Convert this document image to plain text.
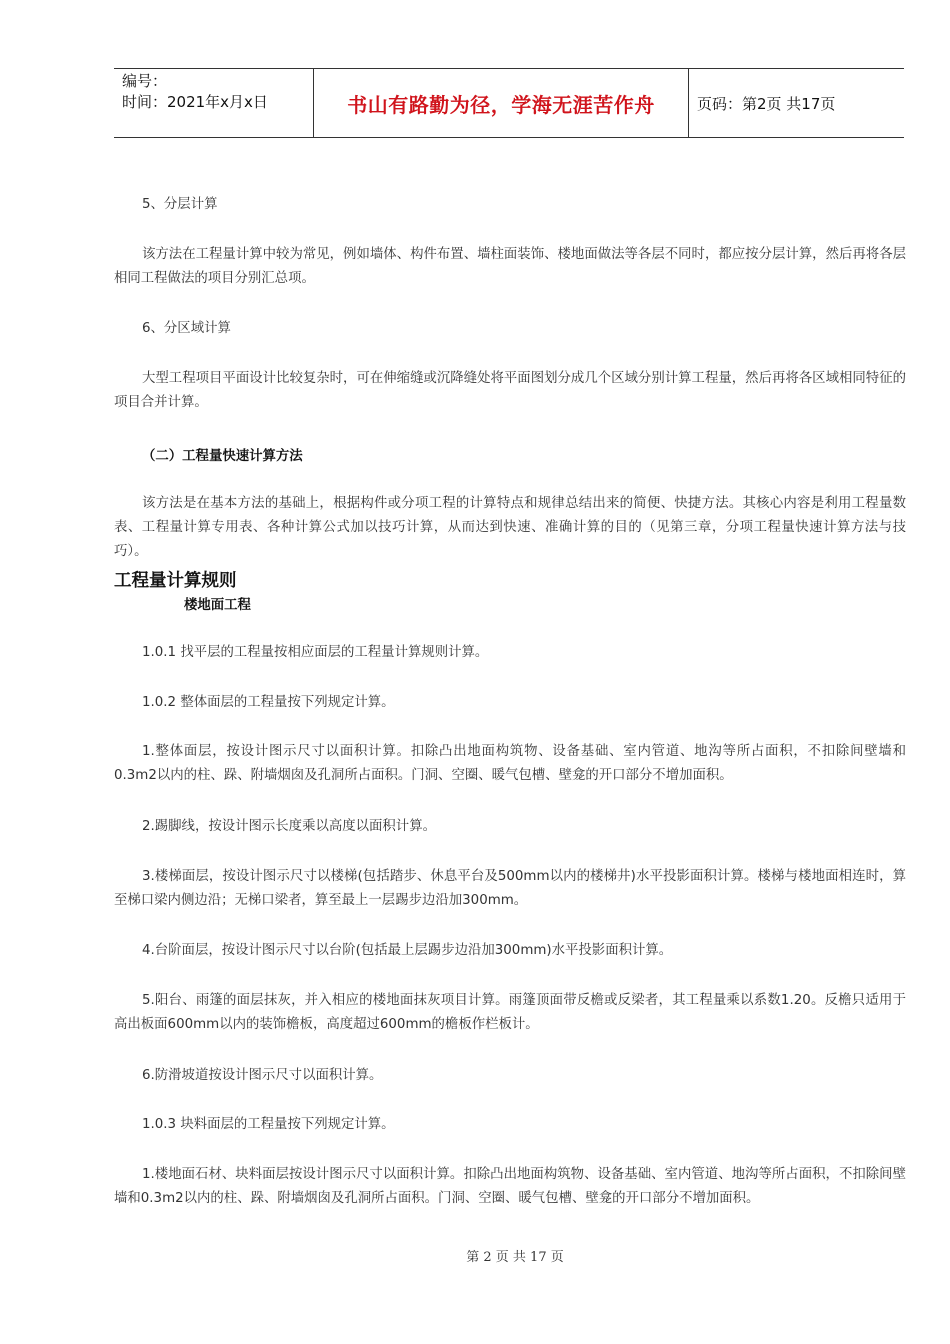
编号：
时间：2021年x月x日	书山有路勤为径，学海无涯苦作舟	页码：第2页 共17页
5、分层计算
该方法在工程量计算中较为常见，例如墙体、构件布置、墙柱面装饰、楼地面做法等各层不同时，都应按分层计算，然后再将各层相同工程做法的项目分别汇总项。
6、分区域计算
大型工程项目平面设计比较复杂时，可在伸缩缝或沉降缝处将平面图划分成几个区域分别计算工程量，然后再将各区域相同特征的项目合并计算。
（二）工程量快速计算方法
该方法是在基本方法的基础上，根据构件或分项工程的计算特点和规律总结出来的简便、快捷方法。其核心内容是利用工程量数表、工程量计算专用表、各种计算公式加以技巧计算，从而达到快速、准确计算的目的（见第三章，分项工程量快速计算方法与技巧）。
工程量计算规则
楼地面工程
1.0.1 找平层的工程量按相应面层的工程量计算规则计算。
1.0.2 整体面层的工程量按下列规定计算。
1.整体面层，按设计图示尺寸以面积计算。扣除凸出地面构筑物、设备基础、室内管道、地沟等所占面积，不扣除间壁墙和0.3m2以内的柱、跺、附墙烟囱及孔洞所占面积。门洞、空圈、暖气包槽、壁龛的开口部分不增加面积。
2.踢脚线，按设计图示长度乘以高度以面积计算。
3.楼梯面层，按设计图示尺寸以楼梯(包括踏步、休息平台及500mm以内的楼梯井)水平投影面积计算。楼梯与楼地面相连时，算至梯口梁内侧边沿；无梯口梁者，算至最上一层踢步边沿加300mm。
4.台阶面层，按设计图示尺寸以台阶(包括最上层踢步边沿加300mm)水平投影面积计算。
5.阳台、雨篷的面层抹灰，并入相应的楼地面抹灰项目计算。雨篷顶面带反檐或反梁者，其工程量乘以系数1.20。反檐只适用于高出板面600mm以内的装饰檐板，高度超过600mm的檐板作栏板计。
6.防滑坡道按设计图示尺寸以面积计算。
1.0.3 块料面层的工程量按下列规定计算。
1.楼地面石材、块料面层按设计图示尺寸以面积计算。扣除凸出地面构筑物、设备基础、室内管道、地沟等所占面积，不扣除间壁墙和0.3m2以内的柱、跺、附墙烟囱及孔洞所占面积。门洞、空圈、暖气包槽、壁龛的开口部分不增加面积。
第 2 页 共 17 页
